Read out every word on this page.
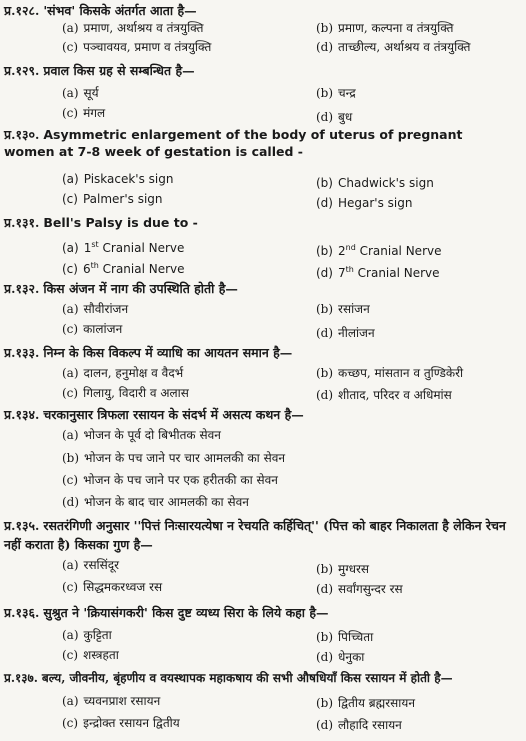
प्र.१२८. 'संभव' किसके अंतर्गत आता है—
(a) प्रमाण, अर्थाश्रय व तंत्रयुक्ति	(b) प्रमाण, कल्पना व तंत्रयुक्ति
(c) पञ्चावयव, प्रमाण व तंत्रयुक्ति	(d) ताच्छील्य, अर्थाश्रय व तंत्रयुक्ति
प्र.१२९. प्रवाल किस ग्रह से सम्बन्धित है—
(a) सूर्य	(b) चन्द्र
(c) मंगल	(d) बुध
प्र.१३०. Asymmetric enlargement of the body of uterus of pregnant women at 7-8 week of gestation is called -
(a) Piskacek's sign	(b) Chadwick's sign
(c) Palmer's sign	(d) Hegar's sign
प्र.१३१. Bell's Palsy is due to -
(a) 1st Cranial Nerve	(b) 2nd Cranial Nerve
(c) 6th Cranial Nerve	(d) 7th Cranial Nerve
प्र.१३२. किस अंजन में नाग की उपस्थिति होती है—
(a) सौवीरांजन	(b) रसांजन
(c) कालांजन	(d) नीलांजन
प्र.१३३. निम्न के किस विकल्प में व्याधि का आयतन समान है—
(a) दालन, हनुमोक्ष व वैदर्भ	(b) कच्छप, मांसतान व तुण्डिकेरी
(c) गिलायु, विदारी व अलास	(d) शीताद, परिदर व अधिमांस
प्र.१३४. चरकानुसार त्रिफला रसायन के संदर्भ में असत्य कथन है—
(a) भोजन के पूर्व दो बिभीतक सेवन
(b) भोजन के पच जाने पर चार आमलकी का सेवन
(c) भोजन के पच जाने पर एक हरीतकी का सेवन
(d) भोजन के बाद चार आमलकी का सेवन
प्र.१३५. रसतरंगिणी अनुसार ''पित्तं निःसारयत्येषा न रेचयति कर्हिचित्'' (पित्त को बाहर निकालता है लेकिन रेचन नहीं कराता है) किसका गुण है—
(a) रससिंदूर	(b) मुग्धरस
(c) सिद्धमकरध्वज रस	(d) सर्वांगसुन्दर रस
प्र.१३६. सुश्रुत ने 'क्रियासंगकरी' किस दुष्ट व्यध्य सिरा के लिये कहा है—
(a) कुट्टिता	(b) पिच्चिता
(c) शस्त्रहता	(d) धेनुका
प्र.१३७. बल्य, जीवनीय, बृंहणीय व वयस्थापक महाकषाय की सभी औषधियाँ किस रसायन में होती है—
(a) च्यवनप्राश रसायन	(b) द्वितीय ब्रह्मरसायन
(c) इन्द्रोक्त रसायन द्वितीय	(d) लौहादि रसायन
